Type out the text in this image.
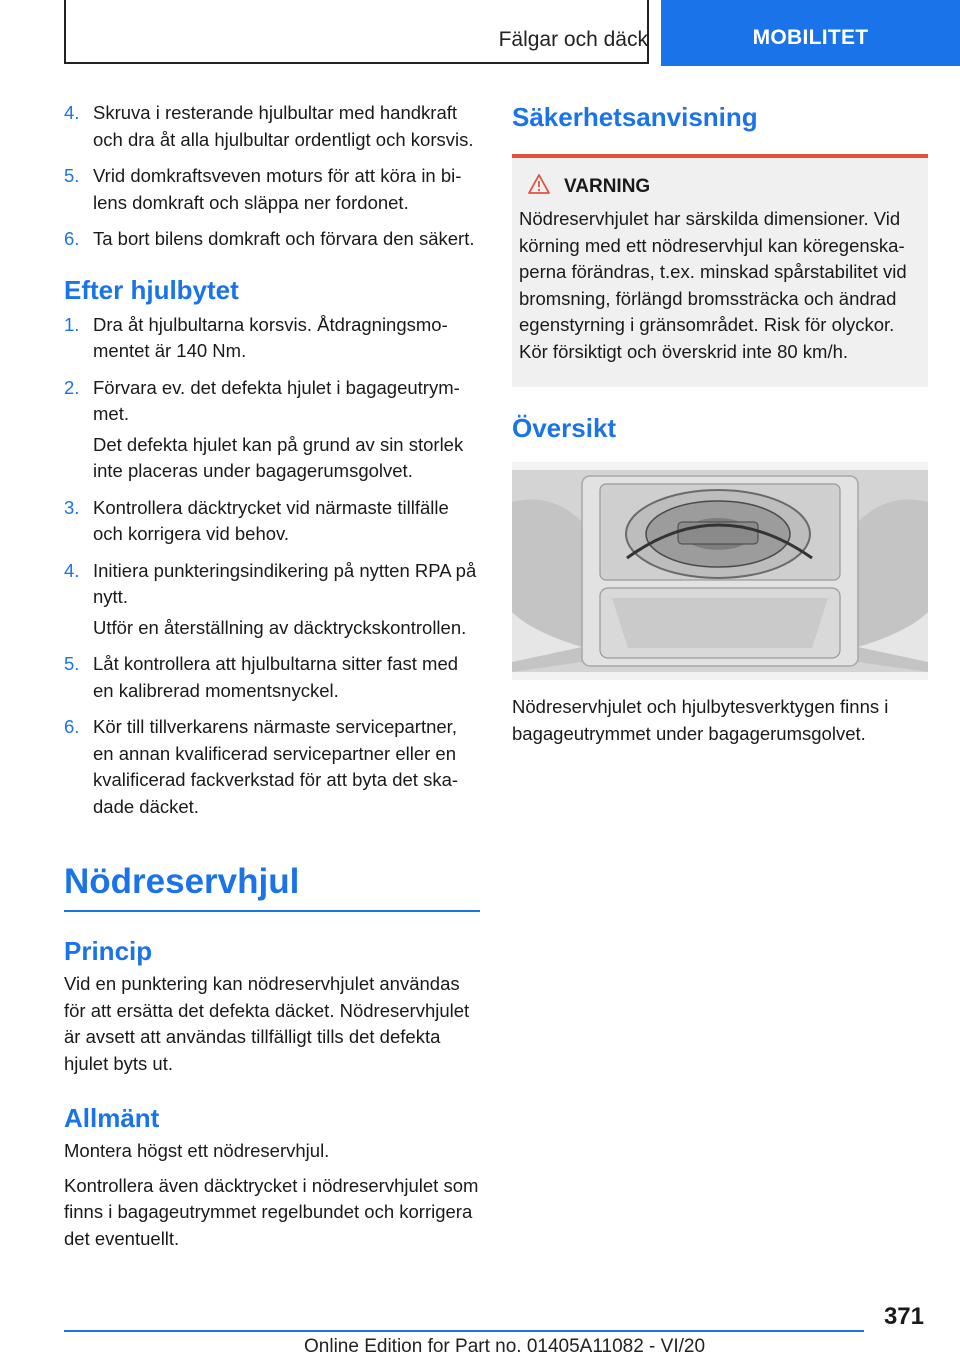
Fälgar och däck	MOBILITET
4. Skruva i resterande hjulbultar med handkraft och dra åt alla hjulbultar ordentligt och korsvis.
5. Vrid domkraftsveven moturs för att köra in bilens domkraft och släppa ner fordonet.
6. Ta bort bilens domkraft och förvara den säkert.
Efter hjulbytet
1. Dra åt hjulbultarna korsvis. Åtdragningsmomentet är 140 Nm.
2. Förvara ev. det defekta hjulet i bagageutrymmet.
Det defekta hjulet kan på grund av sin storlek inte placeras under bagagerumsgolvet.
3. Kontrollera däcktrycket vid närmaste tillfälle och korrigera vid behov.
4. Initiera punkteringsindikering på nytten RPA på nytt.
Utför en återställning av däcktryckskontrollen.
5. Låt kontrollera att hjulbultarna sitter fast med en kalibrerad momentsnyckel.
6. Kör till tillverkarens närmaste servicepartner, en annan kvalificerad servicepartner eller en kvalificerad fackverkstad för att byta det skadade däcket.
Nödreservhjul
Princip
Vid en punktering kan nödreservhjulet användas för att ersätta det defekta däcket. Nödreservhjulet är avsett att användas tillfälligt tills det defekta hjulet byts ut.
Allmänt
Montera högst ett nödreservhjul.
Kontrollera även däcktrycket i nödreservhjulet som finns i bagageutrymmet regelbundet och korrigera det eventuellt.
Säkerhetsanvisning
VARNING
Nödreservhjulet har särskilda dimensioner. Vid körning med ett nödreservhjul kan köregenskaperna förändras, t.ex. minskad spårstabilitet vid bromsning, förlängd bromssträcka och ändrad egenstyrning i gränsområdet. Risk för olyckor. Kör försiktigt och överskrid inte 80 km/h.
Översikt
Nödreservhjulet och hjulbytesverktygen finns i bagageutrymmet under bagagerumsgolvet.
371
Online Edition for Part no. 01405A11082 - VI/20
